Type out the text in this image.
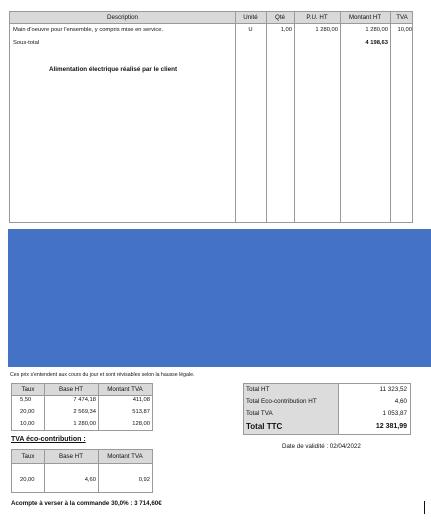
Description	Unité	Qté	P.U. HT	Montant HT	TVA
Main d'oeuvre pour l'ensemble, y compris mise en service.	U	1,00	1 280,00	1 280,00	10,00
Sous-total	4 198,63
Alimentation électrique réalisé par le client
Ces prix s'entendent aux cours du jour et sont révisables selon la hausse légale.
Taux	Base HT	Montant TVA
5,50	7 474,18	411,08
20,00	2 569,34	513,87
10,00	1 280,00	128,00
Total HT	11 323,52
Total Eco-contribution HT	4,60
Total TVA	1 053,87
Total TTC	12 381,99
Date de validité : 02/04/2022
TVA éco-contribution :
Taux	Base HT	Montant TVA
20,00	4,60	0,92
Acompte à verser à la commande 30,0% : 3 714,60€
